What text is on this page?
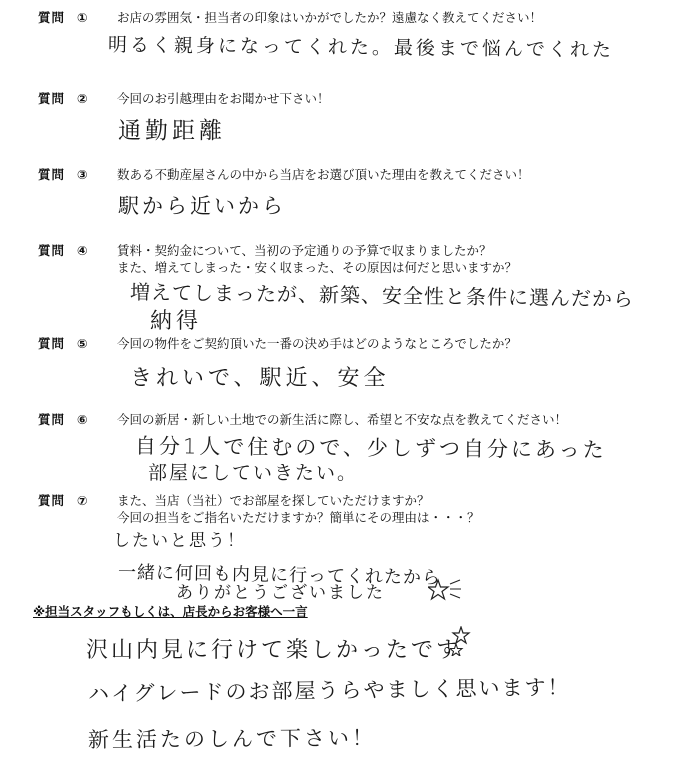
質問 ① お店の雰囲気・担当者の印象はいかがでしたか？遠慮なく教えてください！
明るく親身になってくれた。最後まで悩んでくれた
質問 ② 今回のお引越理由をお聞かせ下さい！
通勤距離
質問 ③ 数ある不動産屋さんの中から当店をお選び頂いた理由を教えてください！
駅から近いから
質問 ④ 賃料・契約金について、当初の予定通りの予算で収まりましたか？
また、増えてしまった・安く収まった、その原因は何だと思いますか？
増えてしまったが、新築、安全性と条件に選んだから
納得
質問 ⑤ 今回の物件をご契約頂いた一番の決め手はどのようなところでしたか？
きれいで、駅近、安全
質問 ⑥ 今回の新居・新しい土地での新生活に際し、希望と不安な点を教えてください！
自分1人で住むので、少しずつ自分にあった
部屋にしていきたい。
質問 ⑦ また、当店（当社）でお部屋を探していただけますか？
今回の担当をご指名いただけますか？簡単にその理由は・・・？
したいと思う！
一緒に何回も内見に行ってくれたから
ありがとうございました
※担当スタッフもしくは、店長からお客様へ一言
沢山内見に行けて楽しかったです
ハイグレードのお部屋うらやましく思います！
新生活たのしんで下さい！
